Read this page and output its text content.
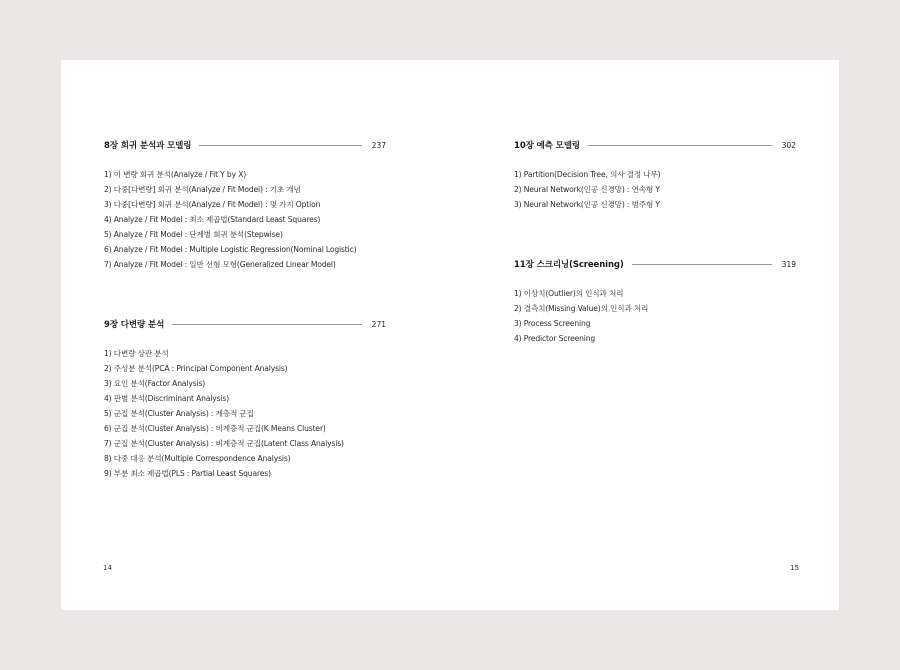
8장 회귀 분석과 모델링	237
1) 이 변량 회귀 분석(Analyze / Fit Y by X)
2) 다중[다변량] 회귀 분석(Analyze / Fit Model) : 기초 개념
3) 다중[다변량] 회귀 분석(Analyze / Fit Model) : 몇 가지 Option
4) Analyze / Fit Model : 최소 제곱법(Standard Least Squares)
5) Analyze / Fit Model : 단계별 회귀 분석(Stepwise)
6) Analyze / Fit Model : Multiple Logistic Regression(Nominal Logistic)
7) Analyze / Fit Model : 일반 선형 모형(Generalized Linear Model)
9장 다변량 분석	271
1) 다변량 상관 분석
2) 주성분 분석(PCA : Principal Component Analysis)
3) 요인 분석(Factor Analysis)
4) 판별 분석(Discriminant Analysis)
5) 군집 분석(Cluster Analysis) : 계층적 군집
6) 군집 분석(Cluster Analysis) : 비계층적 군집(K Means Cluster)
7) 군집 분석(Cluster Analysis) : 비계층적 군집(Latent Class Analysis)
8) 다중 대응 분석(Multiple Correspondence Analysis)
9) 부분 최소 제곱법(PLS : Partial Least Squares)
10장 예측 모델링	302
1) Partition(Decision Tree, 의사 결정 나무)
2) Neural Network(인공 신경망) : 연속형 Y
3) Neural Network(인공 신경망) : 범주형 Y
11장 스크리닝(Screening)	319
1) 이상치(Outlier)의 인식과 처리
2) 결측치(Missing Value)의 인식과 처리
3) Process Screening
4) Predictor Screening
14	15
